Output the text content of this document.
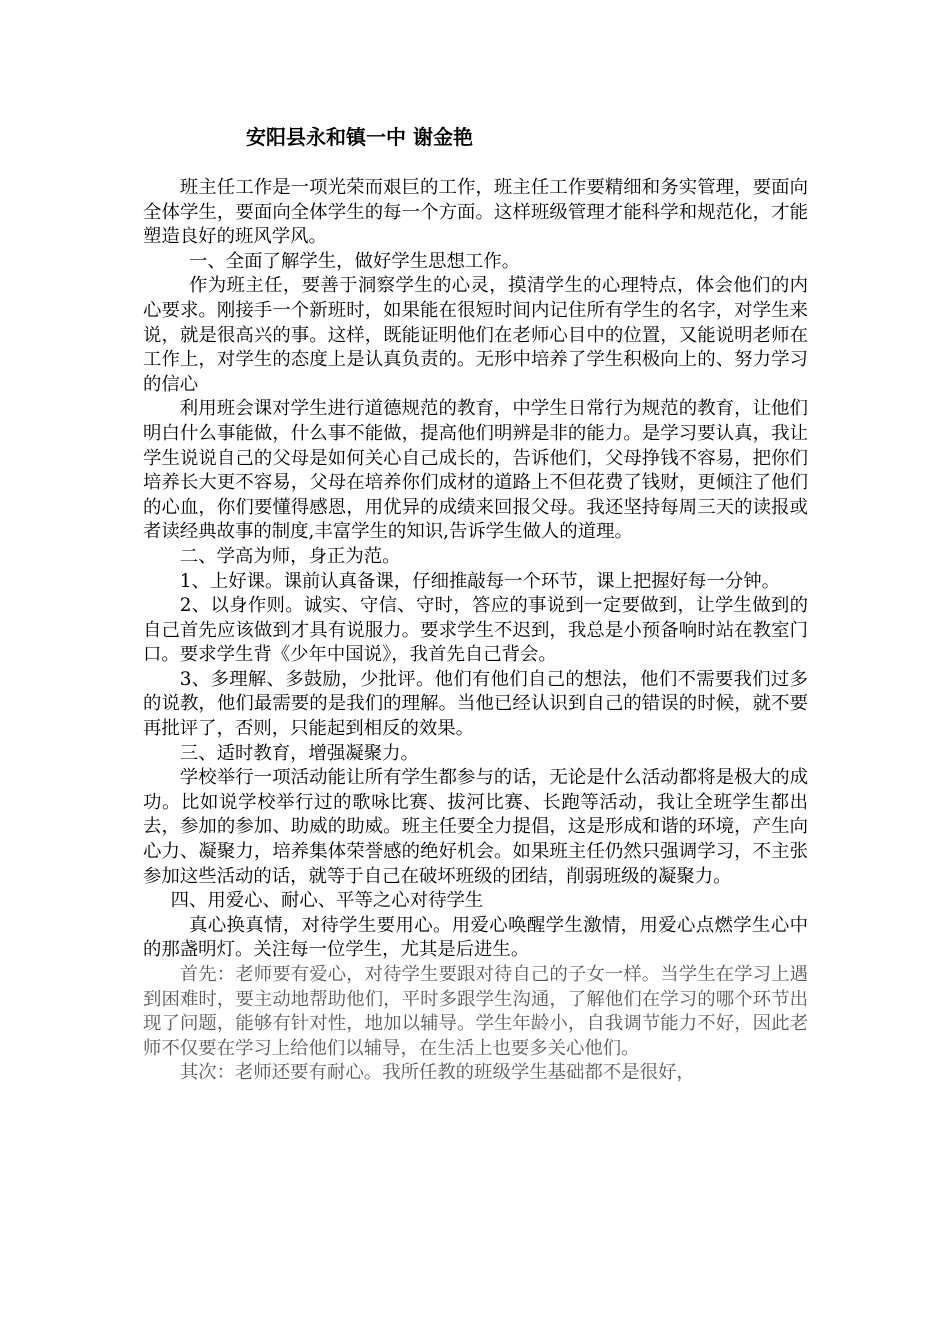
安阳县永和镇一中 谢金艳

班主任工作是一项光荣而艰巨的工作，班主任工作要精细和务实管理，要面向全体学生，要面向全体学生的每一个方面。这样班级管理才能科学和规范化，才能塑造良好的班风学风。

一、全面了解学生，做好学生思想工作。

作为班主任，要善于洞察学生的心灵，摸清学生的心理特点，体会他们的内心要求。刚接手一个新班时，如果能在很短时间内记住所有学生的名字，对学生来说，就是很高兴的事。这样，既能证明他们在老师心目中的位置，又能说明老师在工作上，对学生的态度上是认真负责的。无形中培养了学生积极向上的、努力学习的信心

利用班会课对学生进行道德规范的教育，中学生日常行为规范的教育，让他们明白什么事能做，什么事不能做，提高他们明辨是非的能力。是学习要认真，我让学生说说自己的父母是如何关心自己成长的，告诉他们，父母挣钱不容易，把你们培养长大更不容易，父母在培养你们成材的道路上不但花费了钱财，更倾注了他们的心血，你们要懂得感恩，用优异的成绩来回报父母。我还坚持每周三天的读报或者读经典故事的制度,丰富学生的知识,告诉学生做人的道理。

二、学高为师，身正为范。

1、上好课。课前认真备课，仔细推敲每一个环节，课上把握好每一分钟。

2、以身作则。诚实、守信、守时，答应的事说到一定要做到，让学生做到的自己首先应该做到才具有说服力。要求学生不迟到，我总是小预备响时站在教室门口。要求学生背《少年中国说》，我首先自己背会。

3、多理解、多鼓励，少批评。他们有他们自己的想法，他们不需要我们过多的说教，他们最需要的是我们的理解。当他已经认识到自己的错误的时候，就不要再批评了，否则，只能起到相反的效果。

三、适时教育，增强凝聚力。

学校举行一项活动能让所有学生都参与的话，无论是什么活动都将是极大的成功。比如说学校举行过的歌咏比赛、拔河比赛、长跑等活动，我让全班学生都出去，参加的参加、助威的助威。班主任要全力提倡，这是形成和谐的环境，产生向心力、凝聚力，培养集体荣誉感的绝好机会。如果班主任仍然只强调学习，不主张参加这些活动的话，就等于自己在破坏班级的团结，削弱班级的凝聚力。

四、用爱心、耐心、平等之心对待学生

真心换真情，对待学生要用心。用爱心唤醒学生激情，用爱心点燃学生心中的那盏明灯。关注每一位学生，尤其是后进生。

首先：老师要有爱心，对待学生要跟对待自己的子女一样。当学生在学习上遇到困难时，要主动地帮助他们，平时多跟学生沟通，了解他们在学习的哪个环节出现了问题，能够有针对性，地加以辅导。学生年龄小，自我调节能力不好，因此老师不仅要在学习上给他们以辅导，在生活上也要多关心他们。

其次：老师还要有耐心。我所任教的班级学生基础都不是很好，
